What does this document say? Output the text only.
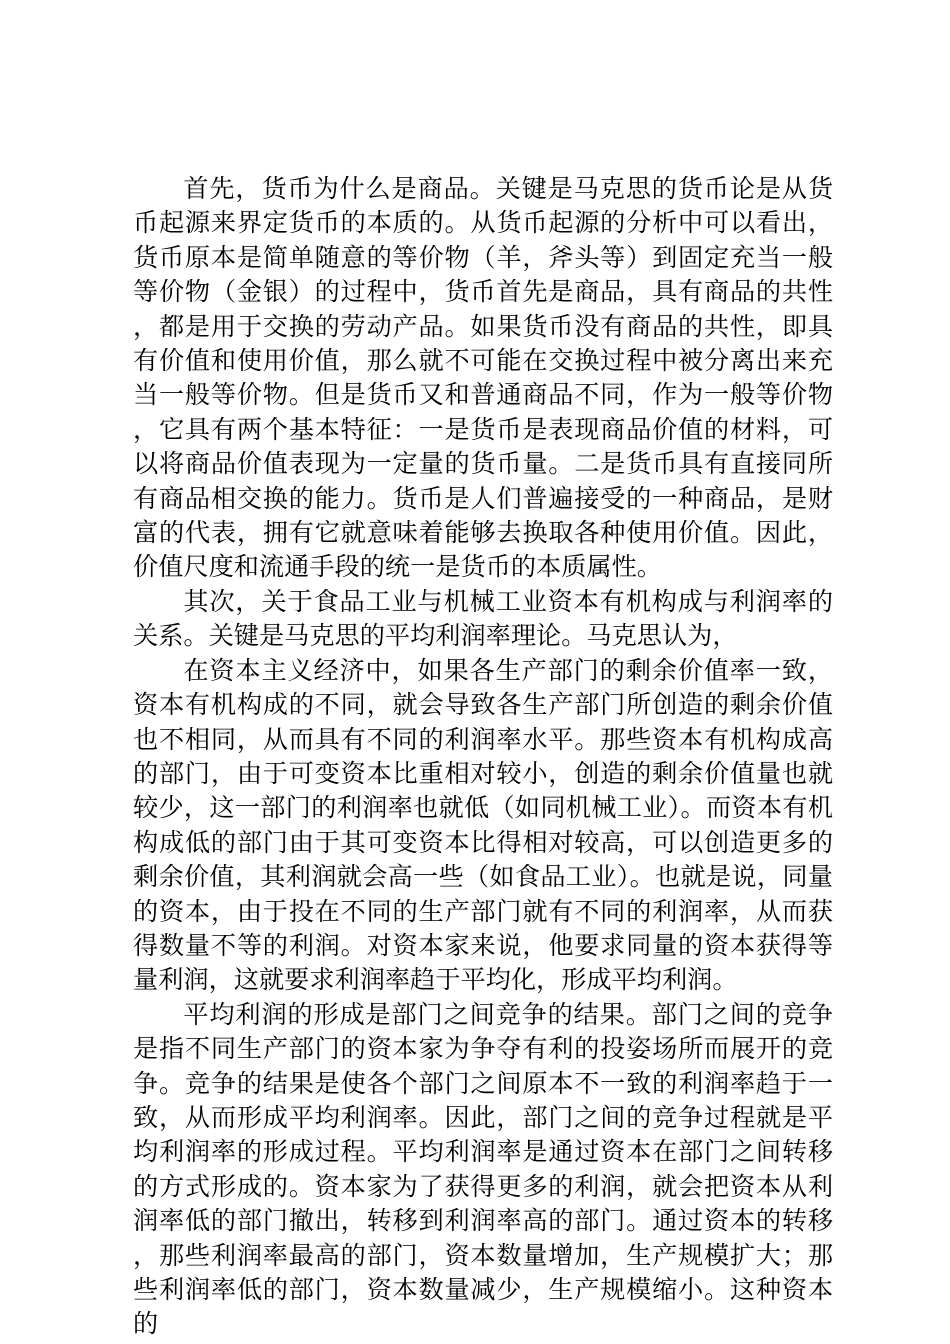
首先，货币为什么是商品。关键是马克思的货币论是从货币起源来界定货币的本质的。从货币起源的分析中可以看出，货币原本是简单随意的等价物（羊，斧头等）到固定充当一般等价物（金银）的过程中，货币首先是商品，具有商品的共性，都是用于交换的劳动产品。如果货币没有商品的共性，即具有价值和使用价值，那么就不可能在交换过程中被分离出来充当一般等价物。但是货币又和普通商品不同，作为一般等价物，它具有两个基本特征：一是货币是表现商品价值的材料，可以将商品价值表现为一定量的货币量。二是货币具有直接同所有商品相交换的能力。货币是人们普遍接受的一种商品，是财富的代表，拥有它就意味着能够去换取各种使用价值。因此，价值尺度和流通手段的统一是货币的本质属性。

其次，关于食品工业与机械工业资本有机构成与利润率的关系。关键是马克思的平均利润率理论。马克思认为，

在资本主义经济中，如果各生产部门的剩余价值率一致，资本有机构成的不同，就会导致各生产部门所创造的剩余价值也不相同，从而具有不同的利润率水平。那些资本有机构成高的部门，由于可变资本比重相对较小，创造的剩余价值量也就较少，这一部门的利润率也就低（如同机械工业）。而资本有机构成低的部门由于其可变资本比得相对较高，可以创造更多的剩余价值，其利润就会高一些（如食品工业）。也就是说，同量的资本，由于投在不同的生产部门就有不同的利润率，从而获得数量不等的利润。对资本家来说，他要求同量的资本获得等量利润，这就要求利润率趋于平均化，形成平均利润。

平均利润的形成是部门之间竞争的结果。部门之间的竞争是指不同生产部门的资本家为争夺有利的投姿场所而展开的竞争。竞争的结果是使各个部门之间原本不一致的利润率趋于一致，从而形成平均利润率。因此，部门之间的竞争过程就是平均利润率的形成过程。平均利润率是通过资本在部门之间转移的方式形成的。资本家为了获得更多的利润，就会把资本从利润率低的部门撤出，转移到利润率高的部门。通过资本的转移，那些利润率最高的部门，资本数量增加，生产规模扩大；那些利润率低的部门，资本数量减少，生产规模缩小。这种资本的
